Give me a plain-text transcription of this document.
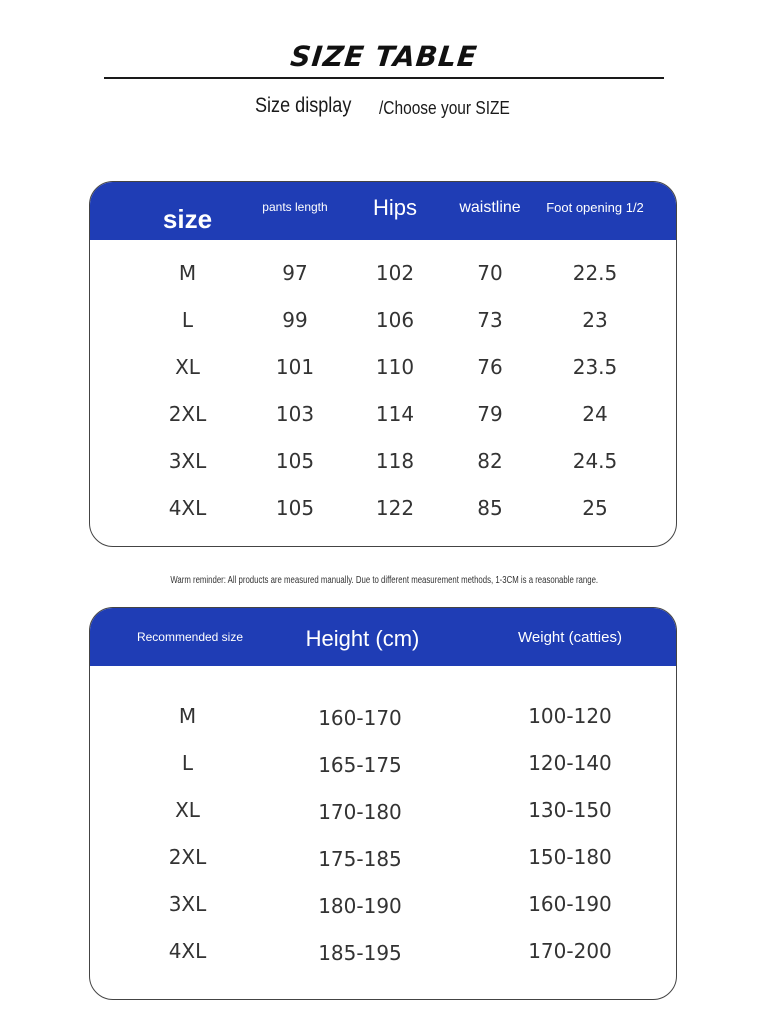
SIZE TABLE
Size display /Choose your SIZE
size	pants length	Hips	waistline	Foot opening 1/2
M	97	102	70	22.5
L	99	106	73	23
XL	101	110	76	23.5
2XL	103	114	79	24
3XL	105	118	82	24.5
4XL	105	122	85	25
Warm reminder: All products are measured manually. Due to different measurement methods, 1-3CM is a reasonable range.
Recommended size	Height (cm)	Weight (catties)
M	160-170	100-120
L	165-175	120-140
XL	170-180	130-150
2XL	175-185	150-180
3XL	180-190	160-190
4XL	185-195	170-200
